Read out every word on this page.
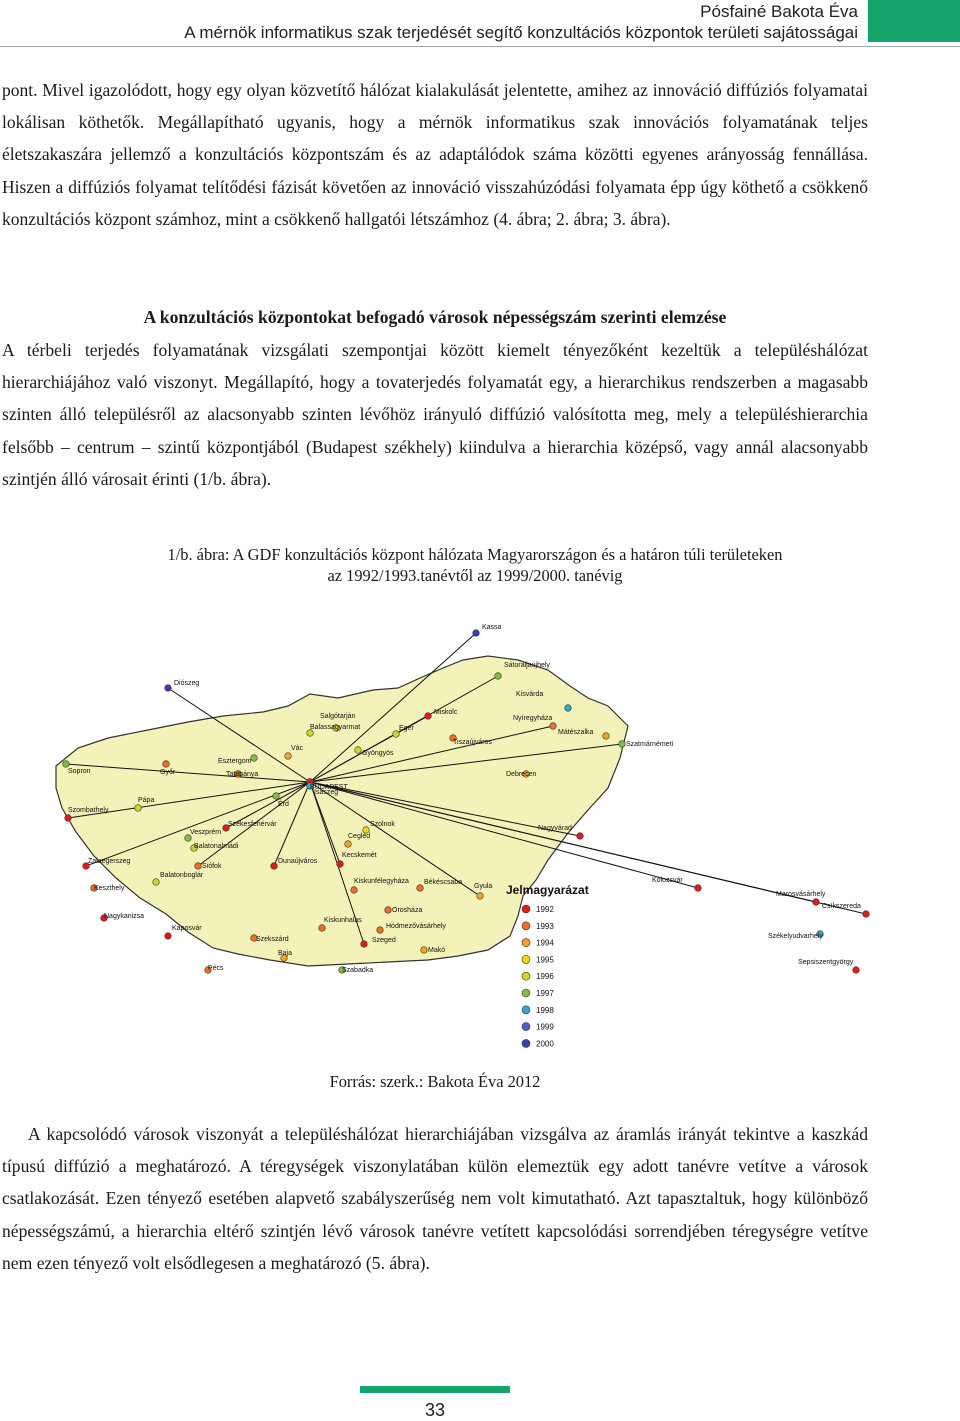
Pósfainé Bakota Éva
A mérnök informatikus szak terjedését segítő konzultációs központok területi sajátosságai

pont. Mivel igazolódott, hogy egy olyan közvetítő hálózat kialakulását jelentette, amihez az innováció diffúziós folyamatai lokálisan köthetők. Megállapítható ugyanis, hogy a mérnök informatikus szak innovációs folyamatának teljes életszakaszára jellemző a konzultációs központszám és az adaptálódok száma közötti egyenes arányosság fennállása. Hiszen a diffúziós folyamat telítődési fázisát követően az innováció visszahúzódási folyamata épp úgy köthető a csökkenő konzultációs központ számhoz, mint a csökkenő hallgatói létszámhoz (4. ábra; 2. ábra; 3. ábra).

A konzultációs központokat befogadó városok népességszám szerinti elemzése

A térbeli terjedés folyamatának vizsgálati szempontjai között kiemelt tényezőként kezeltük a településhálózat hierarchiájához való viszonyt. Megállapító, hogy a tovaterjedés folyamatát egy, a hierarchikus rendszerben a magasabb szinten álló településről az alacsonyabb szinten lévőhöz irányuló diffúzió valósította meg, mely a településhierarchia felsőbb – centrum – szintű központjából (Budapest székhely) kiindulva a hierarchia középső, vagy annál alacsonyabb szintjén álló városait érinti (1/b. ábra).

1/b. ábra: A GDF konzultációs központ hálózata Magyarországon és a határon túli területeken
az 1992/1993.tanévtől az 1999/2000. tanévig
Kassa
Sátoraljaújhely
Diószeg
Kisvárda
Miskolc
Salgótarján
Balassagyarmat	Eger
Nyíregyháza
Mátészalka
Tiszaújváros	Szatmárnémeti
Vác
Gyöngyös
Sopron	Győr
Esztergom
Tatabánya	Debrecen
Isaszeg
Érd
Szombathely
Pápa
Veszprém
Székesfehérvár	Szolnok
Nagyvárad
Balatonalmádi
Cegléd
Zalaegerszeg
Siófok
Dunaújváros
Kecskemét
Keszthely
Balatonboglár
Kiskunfélegyháza Békéscsaba
Gyula
Kolozsvár
Marosvásárhely
Csíkszereda
Orosháza
Nagykanizsa
Kiskunhalas
Hódmezővásárhely
Székelyudvarhely
Kaposvár
Szekszárd	Szeged
Makó
Baja
Pécs	Szabadka
Sepsiszentgyörgy
BUDAPEST
Jelmagyarázat
1992
1993
1994
1995
1996
1997
1998
1999
2000
Forrás: szerk.: Bakota Éva 2012

A kapcsolódó városok viszonyát a településhálózat hierarchiájában vizsgálva az áramlás irányát tekintve a kaszkád típusú diffúzió a meghatározó. A téregységek viszonylatában külön elemeztük egy adott tanévre vetítve a városok csatlakozását. Ezen tényező esetében alapvető szabályszerűség nem volt kimutatható. Azt tapasztaltuk, hogy különböző népességszámú, a hierarchia eltérő szintjén lévő városok tanévre vetített kapcsolódási sorrendjében téregységre vetítve nem ezen tényező volt elsődlegesen a meghatározó (5. ábra).

33
